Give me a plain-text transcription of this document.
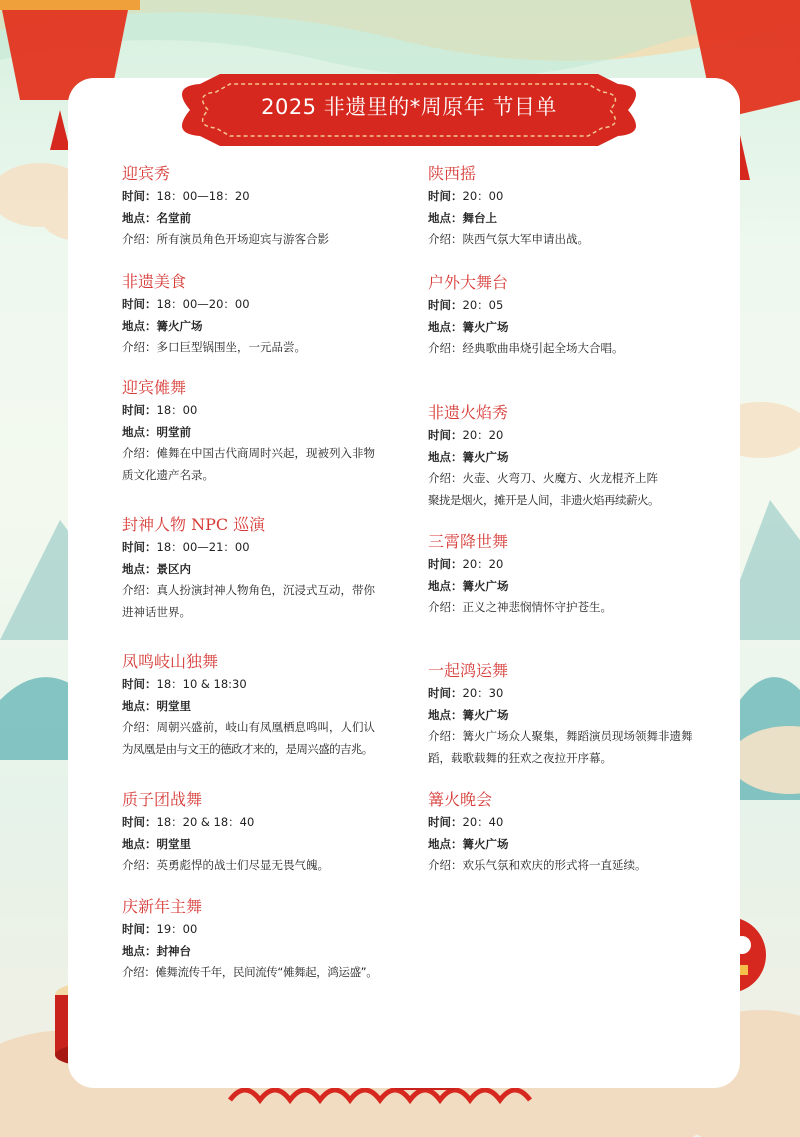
2025 非遗里的*周原年 节目单
迎宾秀
时间：18：00—18：20
地点：名堂前
介绍：所有演员角色开场迎宾与游客合影
非遗美食
时间：18：00—20：00
地点：篝火广场
介绍：多口巨型锅围坐，一元品尝。
迎宾傩舞
时间：18：00
地点：明堂前
介绍：傩舞在中国古代商周时兴起，现被列入非物
质文化遗产名录。
封神人物 NPC 巡演
时间：18：00—21：00
地点：景区内
介绍：真人扮演封神人物角色，沉浸式互动，带你
进神话世界。
凤鸣岐山独舞
时间：18：10 & 18:30
地点：明堂里
介绍：周朝兴盛前，岐山有凤凰栖息鸣叫，人们认
为凤凰是由与文王的德政才来的，是周兴盛的吉兆。
质子团战舞
时间：18：20 & 18：40
地点：明堂里
介绍：英勇彪悍的战士们尽显无畏气魄。
庆新年主舞
时间：19：00
地点：封神台
介绍：傩舞流传千年，民间流传“傩舞起，鸿运盛”。
陕西摇
时间：20：00
地点：舞台上
介绍：陕西气氛大军申请出战。
户外大舞台
时间：20：05
地点：篝火广场
介绍：经典歌曲串烧引起全场大合唱。
非遗火焰秀
时间：20：20
地点：篝火广场
介绍：火壶、火弯刀、火魔方、火龙棍齐上阵
聚拢是烟火，摊开是人间，非遗火焰再续薪火。
三霄降世舞
时间：20：20
地点：篝火广场
介绍：正义之神悲悯情怀守护苍生。
一起鸿运舞
时间：20：30
地点：篝火广场
介绍：篝火广场众人聚集，舞蹈演员现场领舞非遗舞
蹈，载歌载舞的狂欢之夜拉开序幕。
篝火晚会
时间：20：40
地点：篝火广场
介绍：欢乐气氛和欢庆的形式将一直延续。
